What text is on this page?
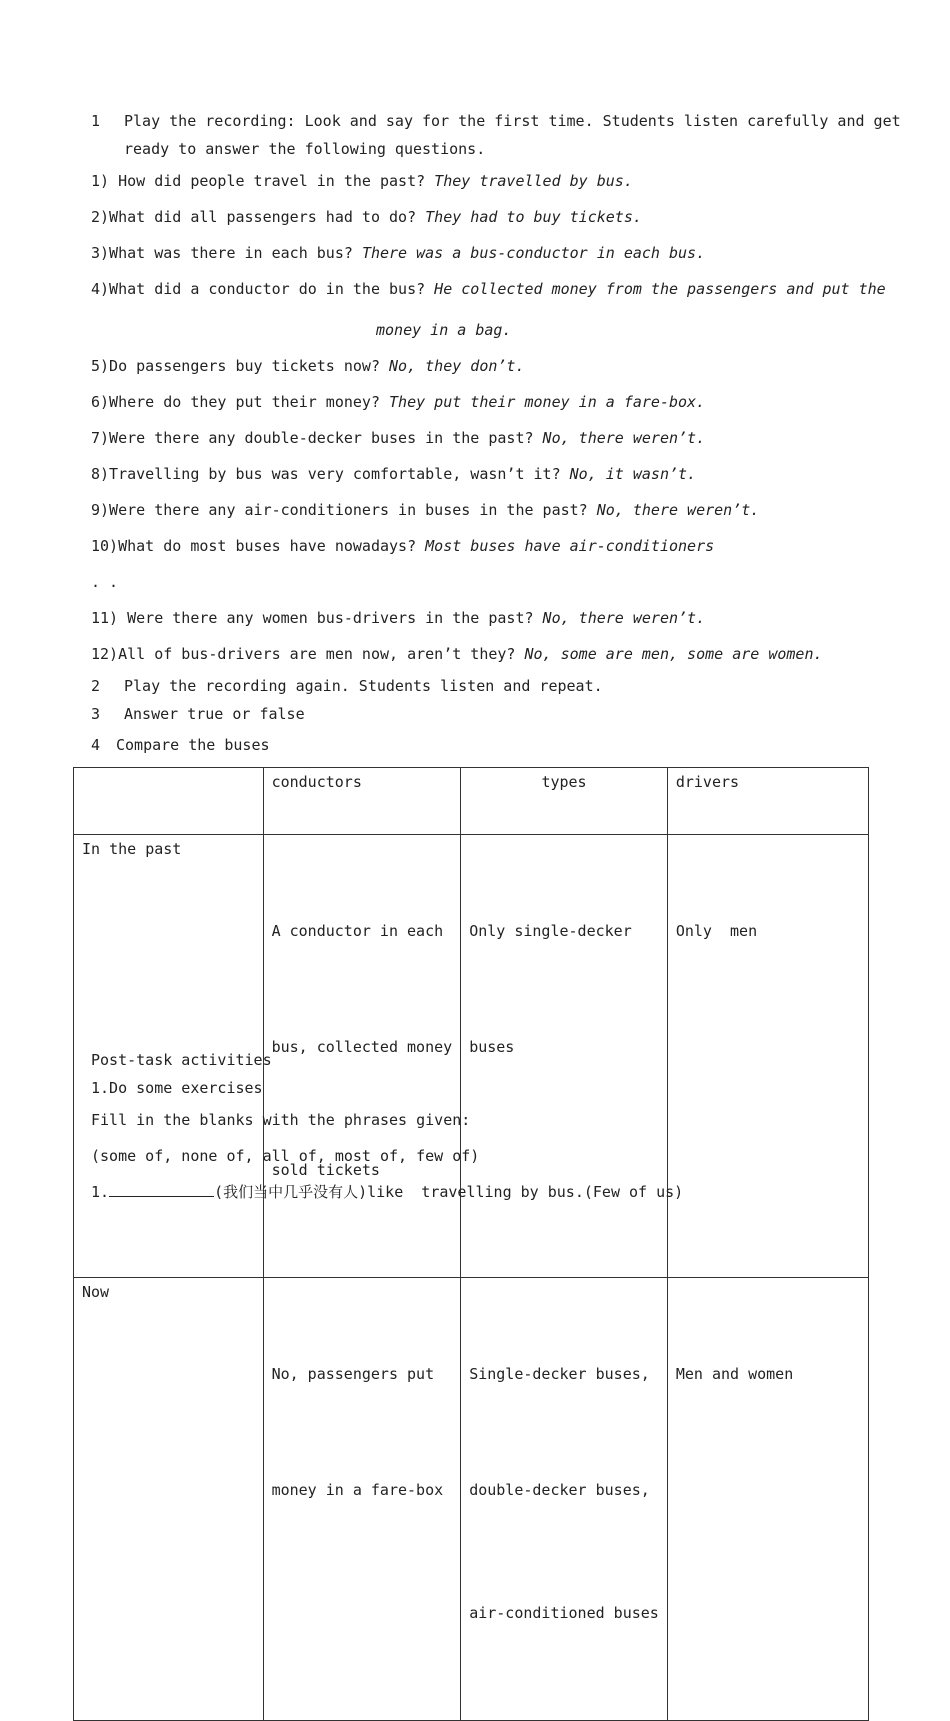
1 Play the recording: Look and say for the first time. Students listen carefully and get
ready to answer the following questions.
1) How did people travel in the past? They travelled by bus.
2)What did all passengers had to do? They had to buy tickets.
3)What was there in each bus? There was a bus-conductor in each bus.
4)What did a conductor do in the bus? He collected money from the passengers and put the
money in a bag.
5)Do passengers buy tickets now? No, they don’t.
6)Where do they put their money? They put their money in a fare-box.
7)Were there any double-decker buses in the past? No, there weren’t.
8)Travelling by bus was very comfortable, wasn’t it? No, it wasn’t.
9)Were there any air-conditioners in buses in the past? No, there weren’t.
10)What do most buses have nowadays? Most buses have air-conditioners
. .
11) Were there any women bus-drivers in the past? No, there weren’t.
12)All of bus-drivers are men now, aren’t they? No, some are men, some are women.
2 Play the recording again. Students listen and repeat.
3 Answer true or false
4 Compare the buses
	conductors	types	drivers
In the past	A conductor in each

bus, collected money

sold tickets	Only single-decker

buses	Only  men

Now	No, passengers put

money in a fare-box	Single-decker buses,

double-decker buses,

air-conditioned buses	Men and women

Post-task activities
1.Do some exercises
Fill in the blanks with the phrases given:
(some of, none of, all of, most of, few of)
1.	(我们当中几乎没有人)like  travelling by bus.(Few of us)
